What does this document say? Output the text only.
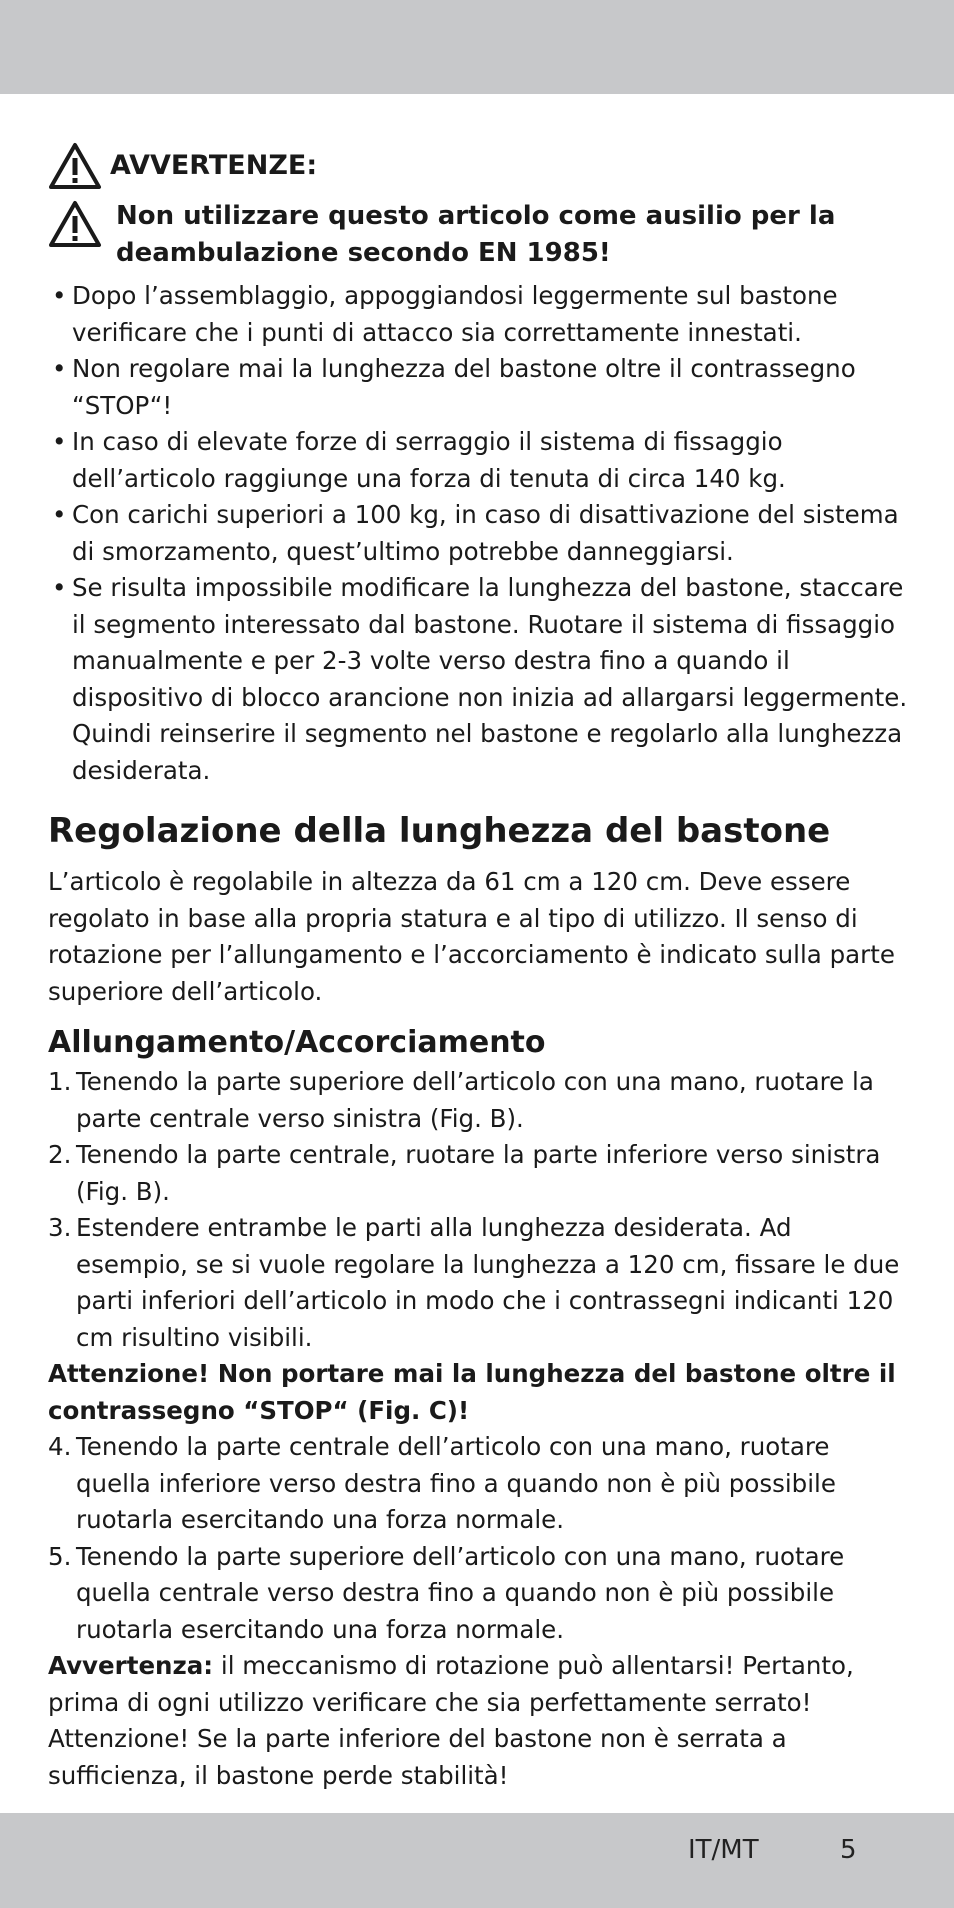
AVVERTENZE:
Non utilizzare questo articolo come ausilio per la deambulazione secondo EN 1985!
• Dopo l’assemblaggio, appoggiandosi leggermente sul bastone verificare che i punti di attacco sia correttamente innestati.
• Non regolare mai la lunghezza del bastone oltre il contrassegno “STOP“!
• In caso di elevate forze di serraggio il sistema di fissaggio dell’articolo raggiunge una forza di tenuta di circa 140 kg.
• Con carichi superiori a 100 kg, in caso di disattivazione del sistema di smorzamento, quest’ultimo potrebbe danneggiarsi.
• Se risulta impossibile modificare la lunghezza del bastone, staccare il segmento interessato dal bastone. Ruotare il sistema di fissaggio manualmente e per 2-3 volte verso destra fino a quando il dispositivo di blocco arancione non inizia ad allargarsi leggermente.
Quindi reinserire il segmento nel bastone e regolarlo alla lunghezza desiderata.
Regolazione della lunghezza del bastone
L’articolo è regolabile in altezza da 61 cm a 120 cm. Deve essere regolato in base alla propria statura e al tipo di utilizzo. Il senso di rotazione per l’allungamento e l’accorciamento è indicato sulla parte superiore dell’articolo.
Allungamento/Accorciamento
1. Tenendo la parte superiore dell’articolo con una mano, ruotare la parte centrale verso sinistra (Fig. B).
2. Tenendo la parte centrale, ruotare la parte inferiore verso sinistra (Fig. B).
3. Estendere entrambe le parti alla lunghezza desiderata. Ad esempio, se si vuole regolare la lunghezza a 120 cm, fissare le due parti inferiori dell’articolo in modo che i contrassegni indicanti 120 cm risultino visibili.
Attenzione! Non portare mai la lunghezza del bastone oltre il contrassegno “STOP“ (Fig. C)!
4. Tenendo la parte centrale dell’articolo con una mano, ruotare quella inferiore verso destra fino a quando non è più possibile ruotarla esercitando una forza normale.
5. Tenendo la parte superiore dell’articolo con una mano, ruotare quella centrale verso destra fino a quando non è più possibile ruotarla esercitando una forza normale.
Avvertenza: il meccanismo di rotazione può allentarsi! Pertanto, prima di ogni utilizzo verificare che sia perfettamente serrato!
Attenzione! Se la parte inferiore del bastone non è serrata a sufficienza, il bastone perde stabilità!
IT/MT	5
